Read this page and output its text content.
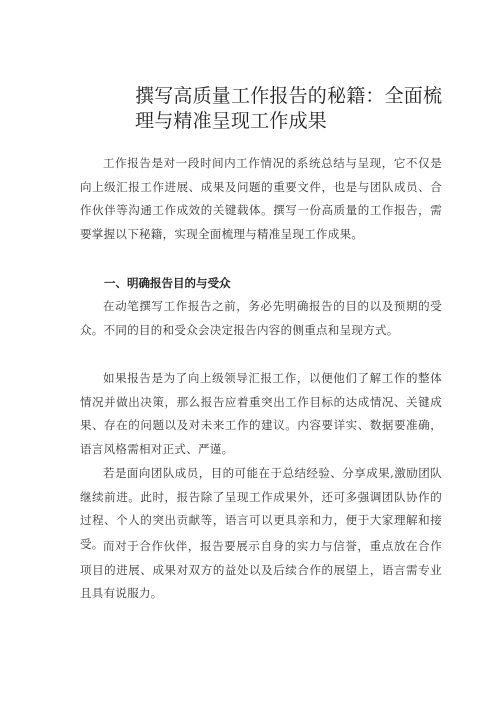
撰写高质量工作报告的秘籍：全面梳理与精准呈现工作成果

工作报告是对一段时间内工作情况的系统总结与呈现，它不仅是向上级汇报工作进展、成果及问题的重要文件，也是与团队成员、合作伙伴等沟通工作成效的关键载体。撰写一份高质量的工作报告，需要掌握以下秘籍，实现全面梳理与精准呈现工作成果。

一、明确报告目的与受众

在动笔撰写工作报告之前，务必先明确报告的目的以及预期的受众。不同的目的和受众会决定报告内容的侧重点和呈现方式。

如果报告是为了向上级领导汇报工作，以便他们了解工作的整体情况并做出决策，那么报告应着重突出工作目标的达成情况、关键成果、存在的问题以及对未来工作的建议。内容要详实、数据要准确，语言风格需相对正式、严谨。

若是面向团队成员，目的可能在于总结经验、分享成果,激励团队继续前进。此时，报告除了呈现工作成果外，还可多强调团队协作的过程、个人的突出贡献等，语言可以更具亲和力，便于大家理解和接受。 而对于合作伙伴，报告要展示自身的实力与信誉，重点放在合作项目的进展、成果对双方的益处以及后续合作的展望上，语言需专业且具有说服力。
